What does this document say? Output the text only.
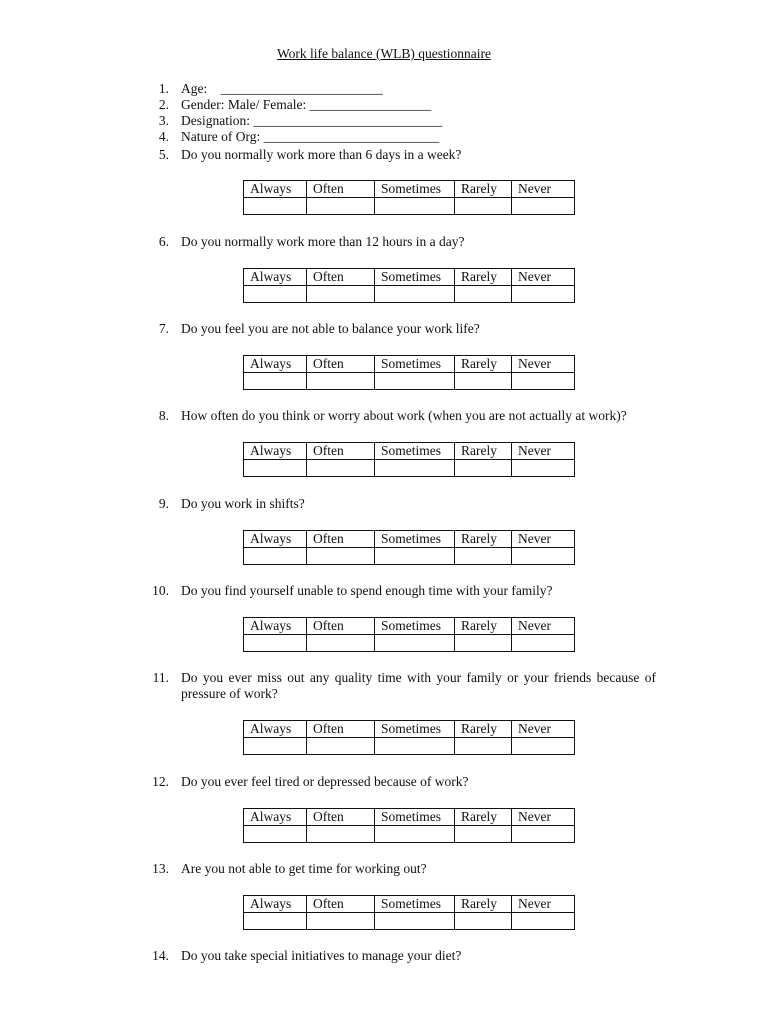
Work life balance (WLB) questionnaire
1. Age:    ________________________
2. Gender: Male/ Female: __________________
3. Designation: ____________________________
4. Nature of Org: __________________________
5. Do you normally work more than 6 days in a week?
Always	Often	Sometimes	Rarely	Never

6. Do you normally work more than 12 hours in a day?
Always	Often	Sometimes	Rarely	Never

7. Do you feel you are not able to balance your work life?
Always	Often	Sometimes	Rarely	Never

8. How often do you think or worry about work (when you are not actually at work)?
Always	Often	Sometimes	Rarely	Never

9. Do you work in shifts?
Always	Often	Sometimes	Rarely	Never

10. Do you find yourself unable to spend enough time with your family?
Always	Often	Sometimes	Rarely	Never

11. Do you ever miss out any quality time with your family or your friends because of
pressure of work?
Always	Often	Sometimes	Rarely	Never

12. Do you ever feel tired or depressed because of work?
Always	Often	Sometimes	Rarely	Never

13. Are you not able to get time for working out?
Always	Often	Sometimes	Rarely	Never

14. Do you take special initiatives to manage your diet?
